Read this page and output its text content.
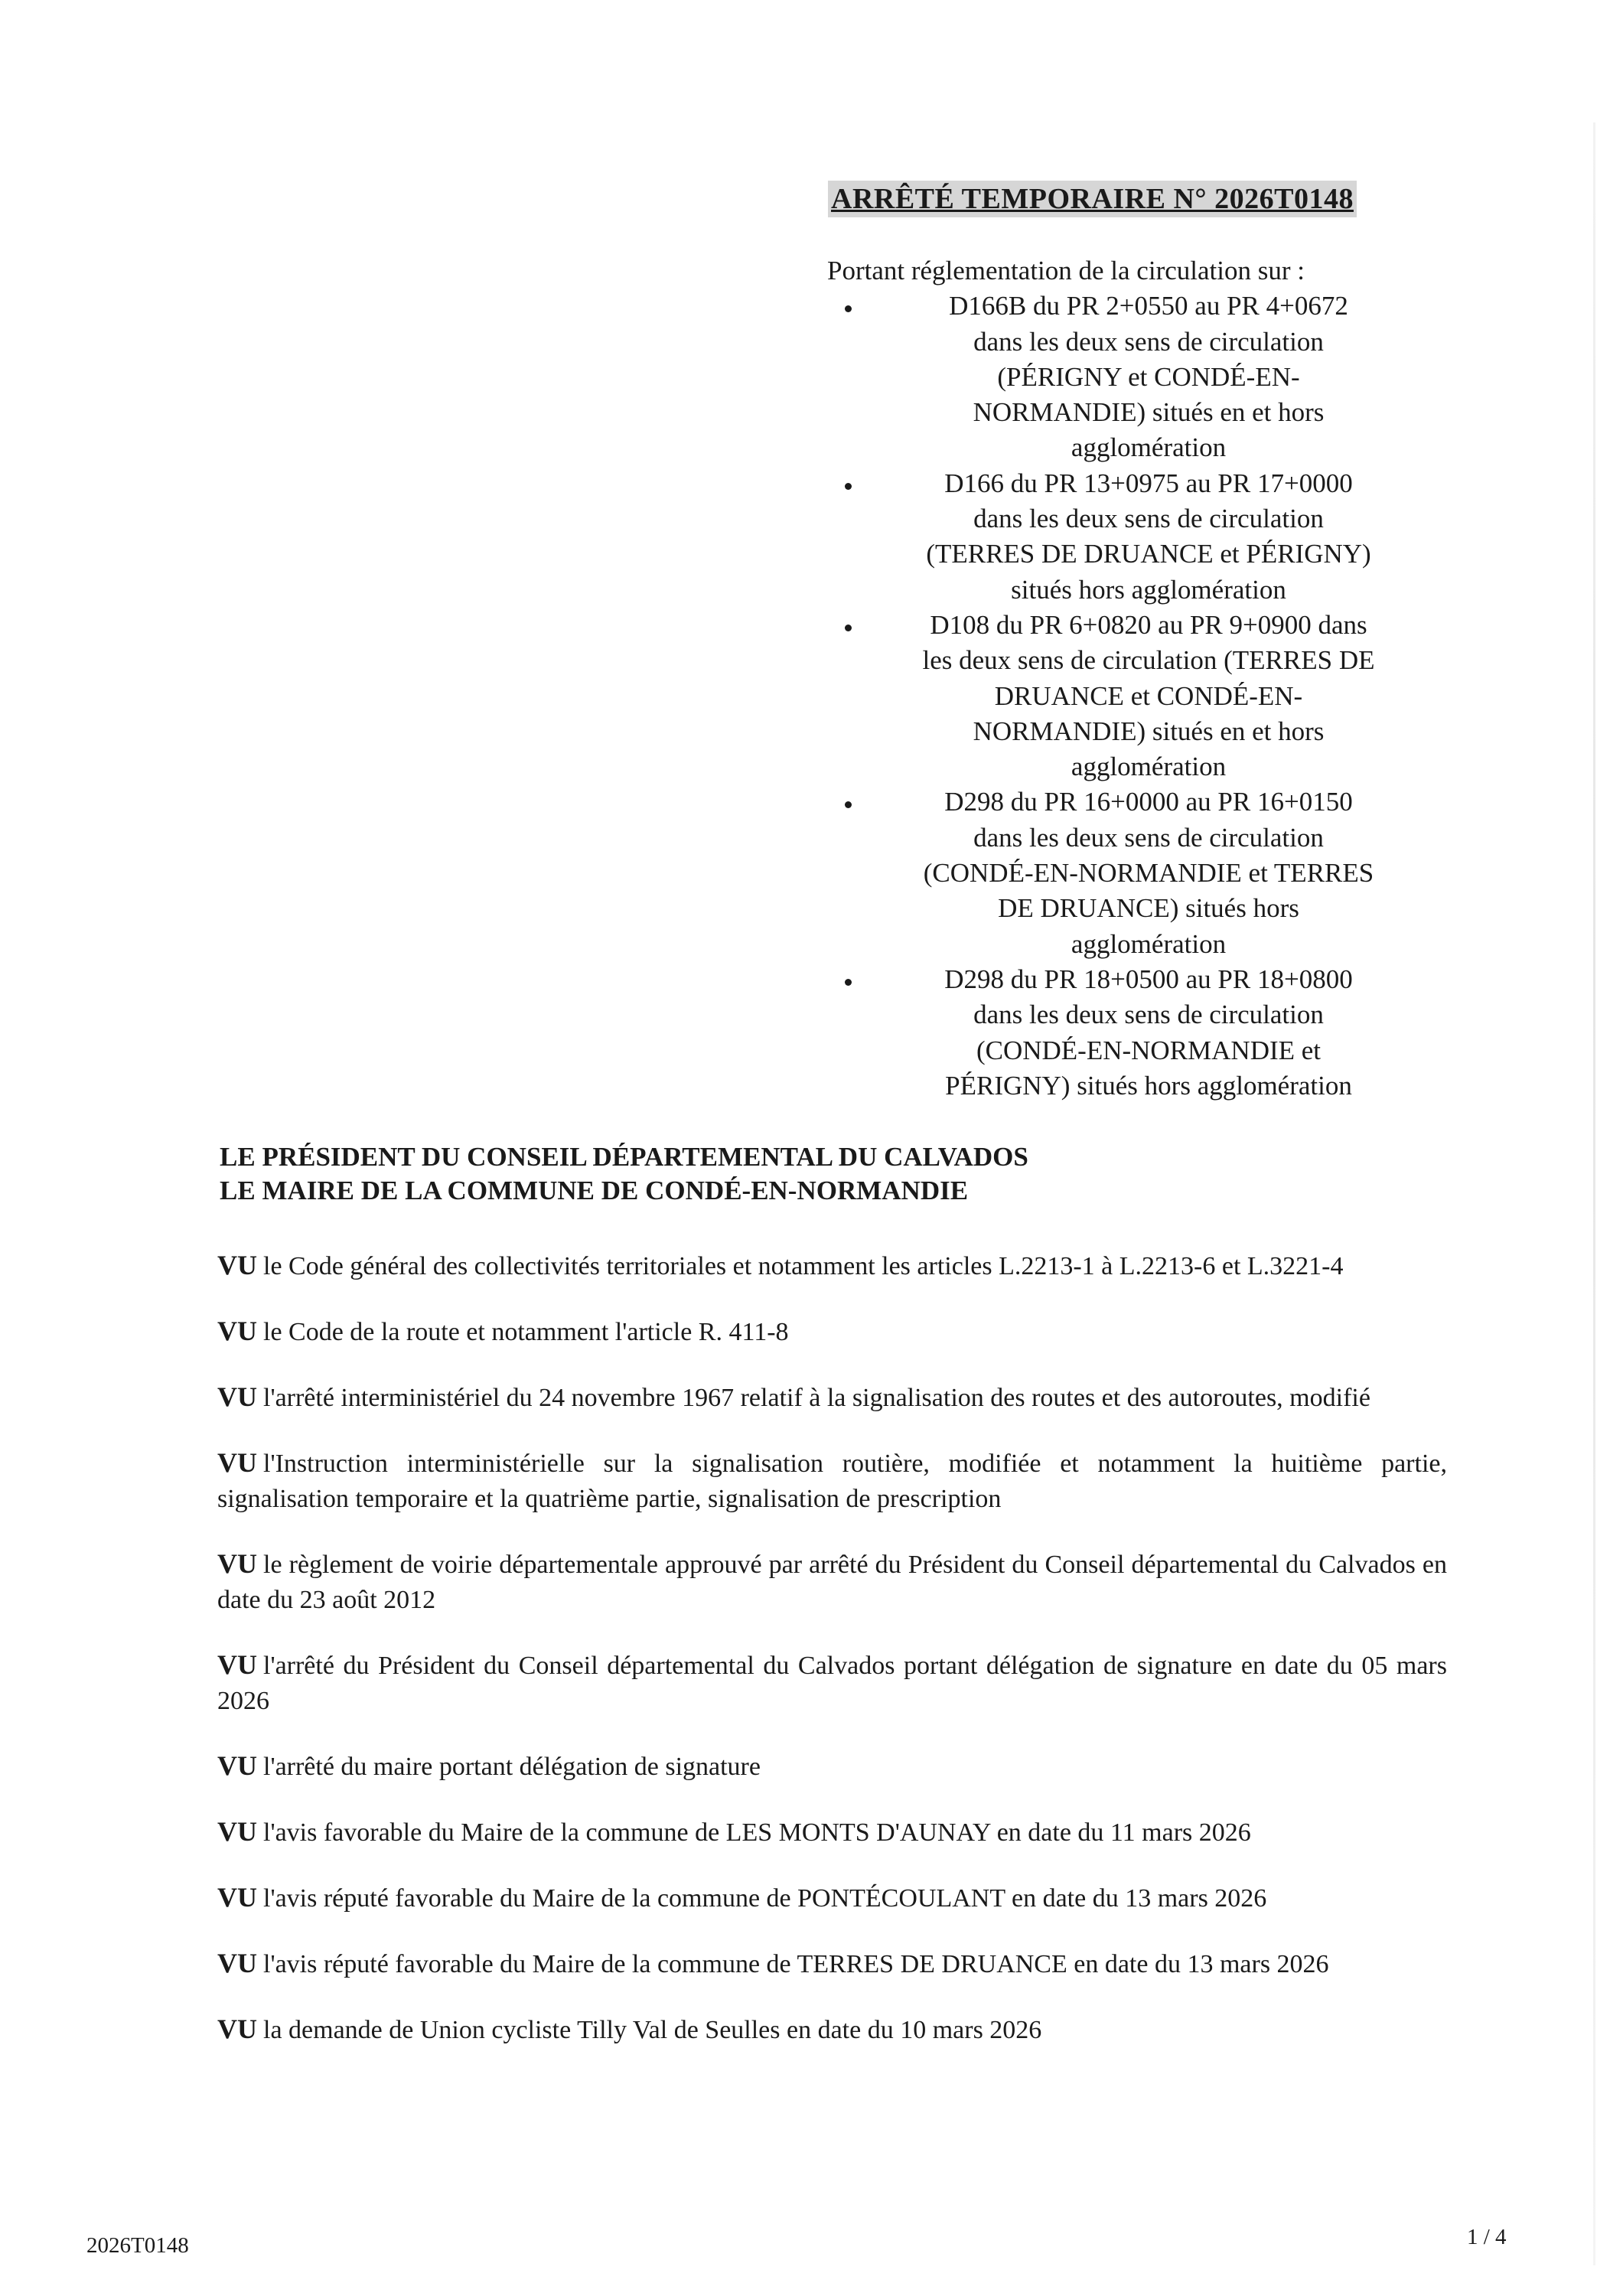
ARRÊTÉ TEMPORAIRE N° 2026T0148
Portant réglementation de la circulation sur :
D166B du PR 2+0550 au PR 4+0672
dans les deux sens de circulation
(PÉRIGNY et CONDÉ-EN-
NORMANDIE) situés en et hors
agglomération
D166 du PR 13+0975 au PR 17+0000
dans les deux sens de circulation
(TERRES DE DRUANCE et PÉRIGNY)
situés hors agglomération
D108 du PR 6+0820 au PR 9+0900 dans
les deux sens de circulation (TERRES DE
DRUANCE et CONDÉ-EN-
NORMANDIE) situés en et hors
agglomération
D298 du PR 16+0000 au PR 16+0150
dans les deux sens de circulation
(CONDÉ-EN-NORMANDIE et TERRES
DE DRUANCE) situés hors
agglomération
D298 du PR 18+0500 au PR 18+0800
dans les deux sens de circulation
(CONDÉ-EN-NORMANDIE et
PÉRIGNY) situés hors agglomération
LE PRÉSIDENT DU CONSEIL DÉPARTEMENTAL DU CALVADOS
LE MAIRE DE LA COMMUNE DE CONDÉ-EN-NORMANDIE
VU le Code général des collectivités territoriales et notamment les articles L.2213-1 à L.2213-6 et L.3221-4
VU le Code de la route et notamment l'article R. 411-8
VU l'arrêté interministériel du 24 novembre 1967 relatif à la signalisation des routes et des autoroutes, modifié
VU l'Instruction interministérielle sur la signalisation routière, modifiée et notamment la huitième partie, signalisation temporaire et la quatrième partie, signalisation de prescription
VU le règlement de voirie départementale approuvé par arrêté du Président du Conseil départemental du Calvados en date du 23 août 2012
VU l'arrêté du Président du Conseil départemental du Calvados portant délégation de signature en date du 05 mars 2026
VU l'arrêté du maire portant délégation de signature
VU l'avis favorable du Maire de la commune de LES MONTS D'AUNAY en date du 11 mars 2026
VU l'avis réputé favorable du Maire de la commune de PONTÉCOULANT en date du 13 mars 2026
VU l'avis réputé favorable du Maire de la commune de TERRES DE DRUANCE en date du 13 mars 2026
VU la demande de Union cycliste Tilly Val de Seulles en date du 10 mars 2026
2026T0148	1 / 4
